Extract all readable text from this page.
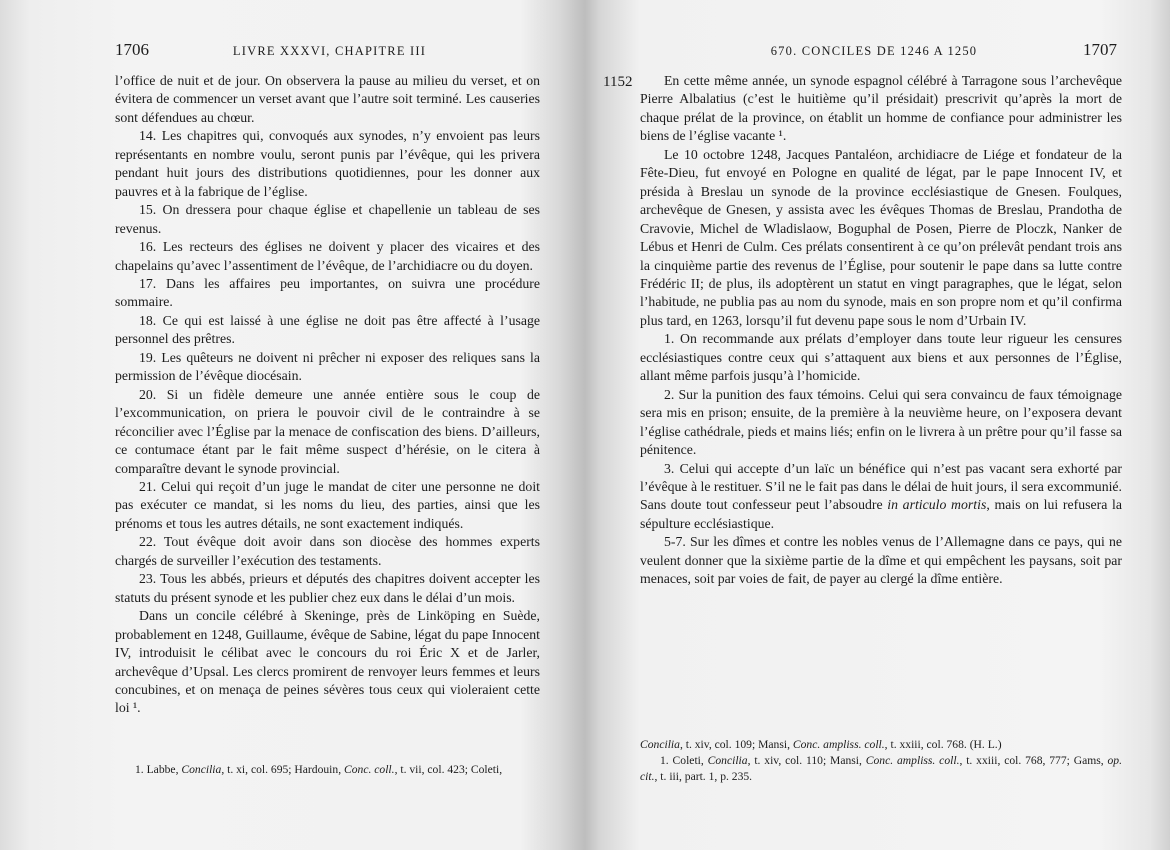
1706	LIVRE XXXVI, CHAPITRE III

l’office de nuit et de jour. On observera la pause au milieu du verset, et on évitera de commencer un verset avant que l’autre soit terminé. Les causeries sont défendues au chœur.

14. Les chapitres qui, convoqués aux synodes, n’y envoient pas leurs représentants en nombre voulu, seront punis par l’évêque, qui les privera pendant huit jours des distributions quotidiennes, pour les donner aux pauvres et à la fabrique de l’église.

15. On dressera pour chaque église et chapellenie un tableau de ses revenus.

16. Les recteurs des églises ne doivent y placer des vicaires et des chapelains qu’avec l’assentiment de l’évêque, de l’archidiacre ou du doyen.

17. Dans les affaires peu importantes, on suivra une procédure sommaire.

18. Ce qui est laissé à une église ne doit pas être affecté à l’usage personnel des prêtres.

19. Les quêteurs ne doivent ni prêcher ni exposer des reliques sans la permission de l’évêque diocésain.

20. Si un fidèle demeure une année entière sous le coup de l’excommunication, on priera le pouvoir civil de le contraindre à se réconcilier avec l’Église par la menace de confiscation des biens. D’ailleurs, ce contumace étant par le fait même suspect d’hérésie, on le citera à comparaître devant le synode provincial.

21. Celui qui reçoit d’un juge le mandat de citer une personne ne doit pas exécuter ce mandat, si les noms du lieu, des parties, ainsi que les prénoms et tous les autres détails, ne sont exactement indiqués.

22. Tout évêque doit avoir dans son diocèse des hommes experts chargés de surveiller l’exécution des testaments.

23. Tous les abbés, prieurs et députés des chapitres doivent accepter les statuts du présent synode et les publier chez eux dans le délai d’un mois.

Dans un concile célébré à Skeninge, près de Linköping en Suède, probablement en 1248, Guillaume, évêque de Sabine, légat du pape Innocent IV, introduisit le célibat avec le concours du roi Éric X et de Jarler, archevêque d’Upsal. Les clercs promirent de renvoyer leurs femmes et leurs concubines, et on menaça de peines sévères tous ceux qui violeraient cette loi ¹.

1. Labbe, Concilia, t. xi, col. 695; Hardouin, Conc. coll., t. vii, col. 423; Coleti,

1152
670. CONCILES DE 1246 A 1250	1707

En cette même année, un synode espagnol célébré à Tarragone sous l’archevêque Pierre Albalatius (c’est le huitième qu’il présidait) prescrivit qu’après la mort de chaque prélat de la province, on établit un homme de confiance pour administrer les biens de l’église vacante ¹.

Le 10 octobre 1248, Jacques Pantaléon, archidiacre de Liége et fondateur de la Fête-Dieu, fut envoyé en Pologne en qualité de légat, par le pape Innocent IV, et présida à Breslau un synode de la province ecclésiastique de Gnesen. Foulques, archevêque de Gnesen, y assista avec les évêques Thomas de Breslau, Prandotha de Cravovie, Michel de Wladislaow, Boguphal de Posen, Pierre de Ploczk, Nanker de Lébus et Henri de Culm. Ces prélats consentirent à ce qu’on prélevât pendant trois ans la cinquième partie des revenus de l’Église, pour soutenir le pape dans sa lutte contre Frédéric II; de plus, ils adoptèrent un statut en vingt paragraphes, que le légat, selon l’habitude, ne publia pas au nom du synode, mais en son propre nom et qu’il confirma plus tard, en 1263, lorsqu’il fut devenu pape sous le nom d’Urbain IV.

1. On recommande aux prélats d’employer dans toute leur rigueur les censures ecclésiastiques contre ceux qui s’attaquent aux biens et aux personnes de l’Église, allant même parfois jusqu’à l’homicide.

2. Sur la punition des faux témoins. Celui qui sera convaincu de faux témoignage sera mis en prison; ensuite, de la première à la neuvième heure, on l’exposera devant l’église cathédrale, pieds et mains liés; enfin on le livrera à un prêtre pour qu’il fasse sa pénitence.

3. Celui qui accepte d’un laïc un bénéfice qui n’est pas vacant sera exhorté par l’évêque à le restituer. S’il ne le fait pas dans le délai de huit jours, il sera excommunié. Sans doute tout confesseur peut l’absoudre in articulo mortis, mais on lui refusera la sépulture ecclésiastique.

5-7. Sur les dîmes et contre les nobles venus de l’Allemagne dans ce pays, qui ne veulent donner que la sixième partie de la dîme et qui empêchent les paysans, soit par menaces, soit par voies de fait, de payer au clergé la dîme entière.

Concilia, t. xiv, col. 109; Mansi, Conc. ampliss. coll., t. xxiii, col. 768. (H. L.)

1. Coleti, Concilia, t. xiv, col. 110; Mansi, Conc. ampliss. coll., t. xxiii, col. 768, 777; Gams, op. cit., t. iii, part. 1, p. 235.
